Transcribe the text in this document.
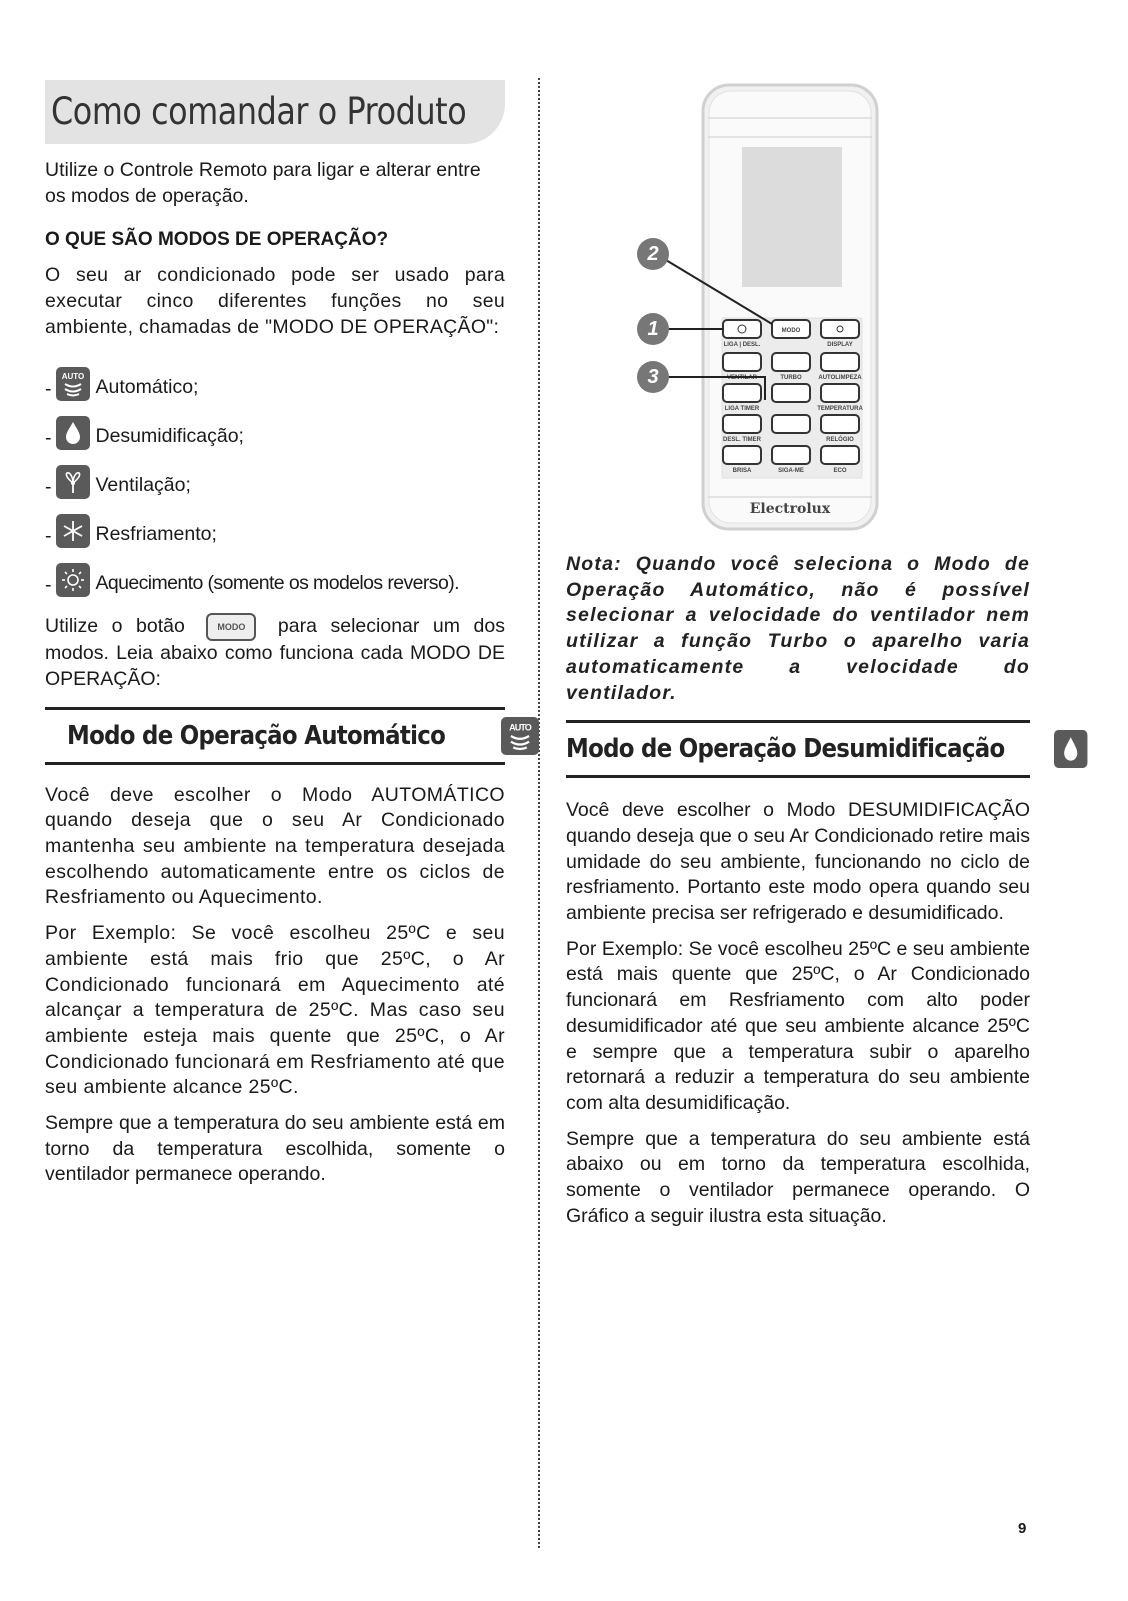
Como comandar o Produto

Utilize o Controle Remoto para ligar e alterar entre os modos de operação.

O QUE SÃO MODOS DE OPERAÇÃO?

O seu ar condicionado pode ser usado para executar cinco diferentes funções no seu ambiente, chamadas de "MODO DE OPERAÇÃO":

-
AUTO Automático;
- Desumidificação;
- Ventilação;
- Resfriamento;
- Aquecimento (somente os modelos reverso).

Utilize o botão	MODO para selecionar um dos modos. Leia abaixo como funciona cada MODO DE OPERAÇÃO:

Modo de Operação Automático	AUTO

Você deve escolher o Modo AUTOMÁTICO quando deseja que o seu Ar Condicionado mantenha seu ambiente na temperatura desejada escolhendo automaticamente entre os ciclos de Resfriamento ou Aquecimento.

Por Exemplo: Se você escolheu 25ºC e seu ambiente está mais frio que 25ºC, o Ar Condicionado funcionará em Aquecimento até alcançar a temperatura de 25ºC. Mas caso seu ambiente esteja mais quente que 25ºC, o Ar Condicionado funcionará em Resfriamento até que seu ambiente alcance 25ºC.

Sempre que a temperatura do seu ambiente está em torno da temperatura escolhida, somente o ventilador permanece operando.

MODO
LIGA | DESL.	DISPLAY
VENTILAR	TURBO	AUTOLIMPEZA
LIGA TIMER	TEMPERATURA
DESL. TIMER	RELÓGIO
BRISA	SIGA-ME	ECO
Electrolux
2
1
3

Nota: Quando você seleciona o Modo de Operação Automático, não é possível selecionar a velocidade do ventilador nem utilizar a função Turbo o aparelho varia automaticamente a velocidade do ventilador.

Modo de Operação Desumidificação

Você deve escolher o Modo DESUMIDIFICAÇÃO quando deseja que o seu Ar Condicionado retire mais umidade do seu ambiente, funcionando no ciclo de resfriamento. Portanto este modo opera quando seu ambiente precisa ser refrigerado e desumidificado.

Por Exemplo: Se você escolheu 25ºC e seu ambiente está mais quente que 25ºC, o Ar Condicionado funcionará em Resfriamento com alto poder desumidificador até que seu ambiente alcance 25ºC e sempre que a temperatura subir o aparelho retornará a reduzir a temperatura do seu ambiente com alta desumidificação.

Sempre que a temperatura do seu ambiente está abaixo ou em torno da temperatura escolhida, somente o ventilador permanece operando. O Gráfico a seguir ilustra esta situação.

9
